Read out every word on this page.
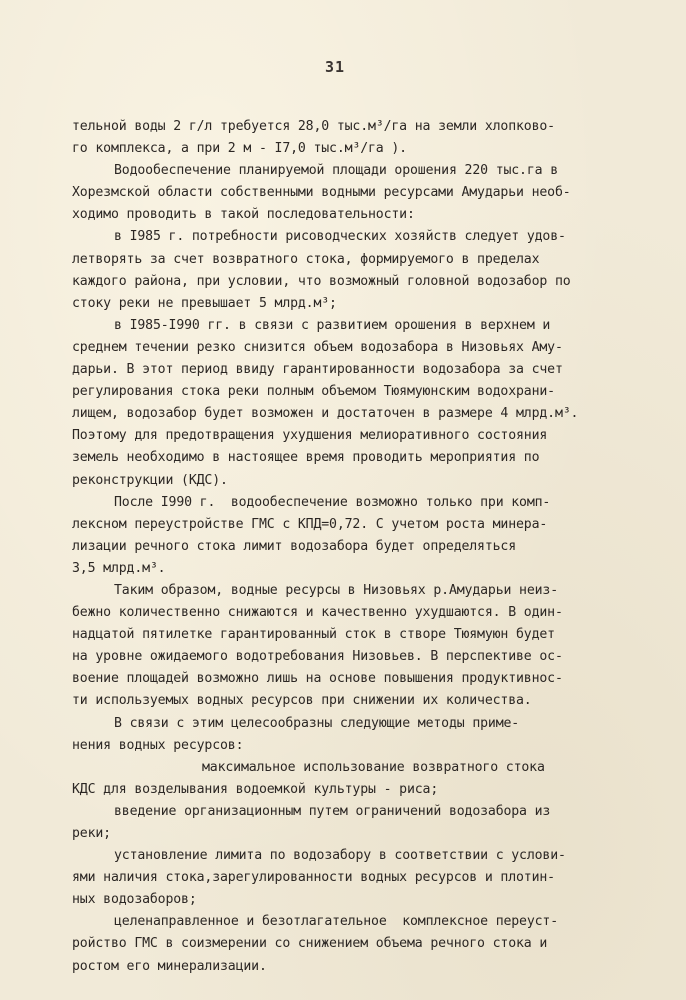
31
тельной воды 2 г/л требуется 28,0 тыс.м³/га на земли хлопково-
го комплекса, а при 2 м - I7,0 тыс.м³/га ).
Водообеспечение планируемой площади орошения 220 тыс.га в
Хорезмской области собственными водными ресурсами Амударьи необ-
ходимо проводить в такой последовательности:
в I985 г. потребности рисоводческих хозяйств следует удов-
летворять за счет возвратного стока, формируемого в пределах
каждого района, при условии, что возможный головной водозабор по
стоку реки не превышает 5 млрд.м³;
в I985-I990 гг. в связи с развитием орошения в верхнем и
среднем течении резко снизится объем водозабора в Низовьях Аму-
дарьи. В этот период ввиду гарантированности водозабора за счет
регулирования стока реки полным объемом Тюямуюнским водохрани-
лищем, водозабор будет возможен и достаточен в размере 4 млрд.м³.
Поэтому для предотвращения ухудшения мелиоративного состояния
земель необходимо в настоящее время проводить мероприятия по
реконструкции (КДС).
После I990 г.  водообеспечение возможно только при комп-
лексном переустройстве ГМС с КПД=0,72. С учетом роста минера-
лизации речного стока лимит водозабора будет определяться
3,5 млрд.м³.
Таким образом, водные ресурсы в Низовьях р.Амударьи неиз-
бежно количественно снижаются и качественно ухудшаются. В один-
надцатой пятилетке гарантированный сток в створе Тюямуюн будет
на уровне ожидаемого водотребования Низовьев. В перспективе ос-
воение площадей возможно лишь на основе повышения продуктивнос-
ти используемых водных ресурсов при снижении их количества.
В связи с этим целесообразны следующие методы приме-
нения водных ресурсов:
максимальное использование возвратного стока
КДС для возделывания водоемкой культуры - риса;
введение организационным путем ограничений водозабора из
реки;
установление лимита по водозабору в соответствии с услови-
ями наличия стока,зарегулированности водных ресурсов и плотин-
ных водозаборов;
целенаправленное и безотлагательное  комплексное переуст-
ройство ГМС в соизмерении со снижением объема речного стока и
ростом его минерализации.
